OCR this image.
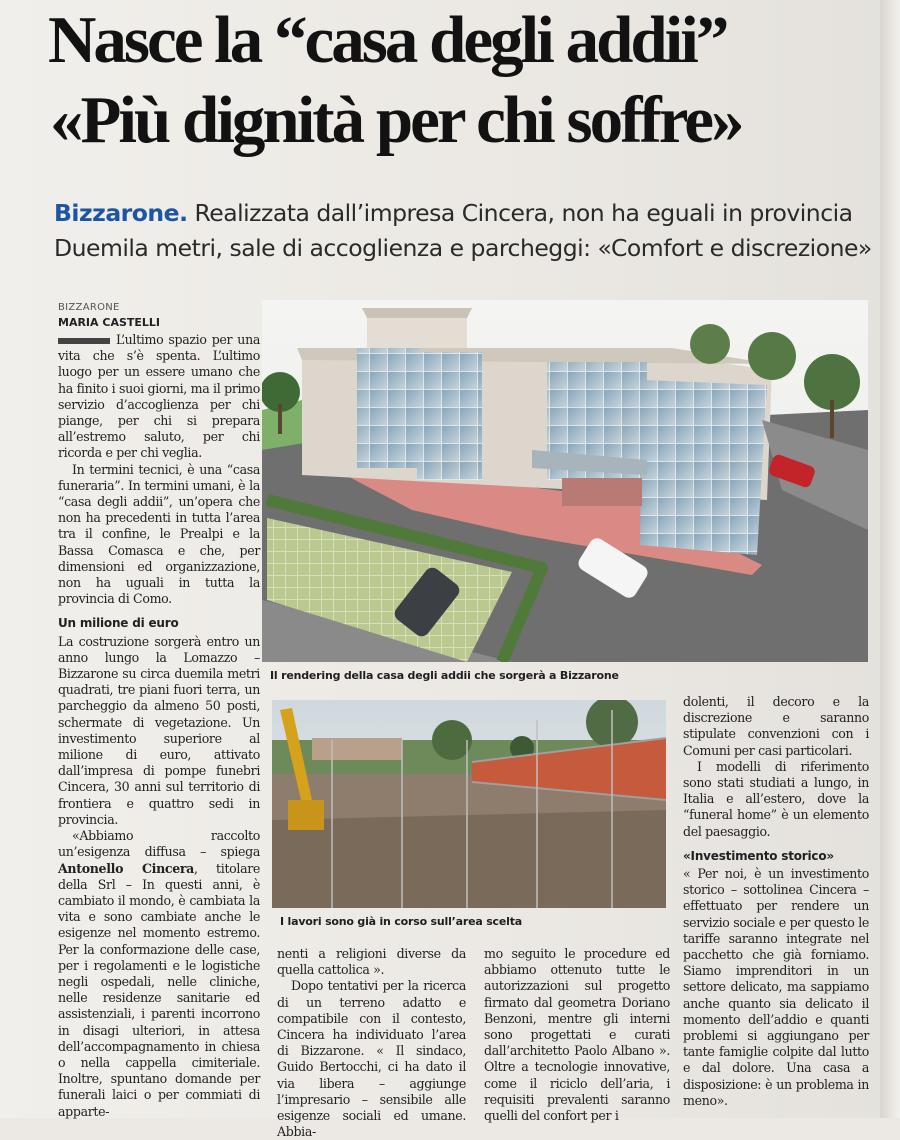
Nasce la “casa degli addii”
«Più dignità per chi soffre»
Bizzarone. Realizzata dall’impresa Cincera, non ha eguali in provincia
Duemila metri, sale di accoglienza e parcheggi: «Comfort e discrezione»
BIZZARONE
MARIA CASTELLI

L’ultimo spazio per una vita che s’è spenta. L’ultimo luogo per un essere umano che ha finito i suoi giorni, ma il primo servizio d’accoglienza per chi piange, per chi si prepara all’estremo saluto, per chi ricorda e per chi veglia.

In termini tecnici, è una “casa funeraria”. In termini umani, è la “casa degli addii”, un’opera che non ha precedenti in tutta l’area tra il confine, le Prealpi e la Bassa Comasca e che, per dimensioni ed organizzazione, non ha uguali in tutta la provincia di Como.

Un milione di euro

La costruzione sorgerà entro un anno lungo la Lomazzo – Bizzarone su circa duemila metri quadrati, tre piani fuori terra, un parcheggio da almeno 50 posti, schermate di vegetazione. Un investimento superiore al milione di euro, attivato dall’impresa di pompe funebri Cincera, 30 anni sul territorio di frontiera e quattro sedi in provincia.

«Abbiamo raccolto un’esigenza diffusa – spiega Antonello Cincera, titolare della Srl – In questi anni, è cambiato il mondo, è cambiata la vita e sono cambiate anche le esigenze nel momento estremo. Per la conformazione delle case, per i regolamenti e le logistiche negli ospedali, nelle cliniche, nelle residenze sanitarie ed assistenziali, i parenti incorrono in disagi ulteriori, in attesa dell’accompagnamento in chiesa o nella cappella cimiteriale. Inoltre, spuntano domande per funerali laici o per commiati di apparte-

Il rendering della casa degli addii che sorgerà a Bizzarone
I lavori sono già in corso sull’area scelta

nenti a religioni diverse da quella cattolica ».

Dopo tentativi per la ricerca di un terreno adatto e compatibile con il contesto, Cincera ha individuato l’area di Bizzarone. « Il sindaco, Guido Bertocchi, ci ha dato il via libera – aggiunge l’impresario – sensibile alle esigenze sociali ed umane. Abbia-

mo seguito le procedure ed abbiamo ottenuto tutte le autorizzazioni sul progetto firmato dal geometra Doriano Benzoni, mentre gli interni sono progettati e curati dall’architetto Paolo Albano ». Oltre a tecnologie innovative, come il riciclo dell’aria, i requisiti prevalenti saranno quelli del confort per i

dolenti, il decoro e la discrezione e saranno stipulate convenzioni con i Comuni per casi particolari.

I modelli di riferimento sono stati studiati a lungo, in Italia e all’estero, dove la “funeral home” è un elemento del paesaggio.

«Investimento storico»

« Per noi, è un investimento storico – sottolinea Cincera – effettuato per rendere un servizio sociale e per questo le tariffe saranno integrate nel pacchetto che già forniamo. Siamo imprenditori in un settore delicato, ma sappiamo anche quanto sia delicato il momento dell’addio e quanti problemi si aggiungano per tante famiglie colpite dal lutto e dal dolore. Una casa a disposizione: è un problema in meno».
